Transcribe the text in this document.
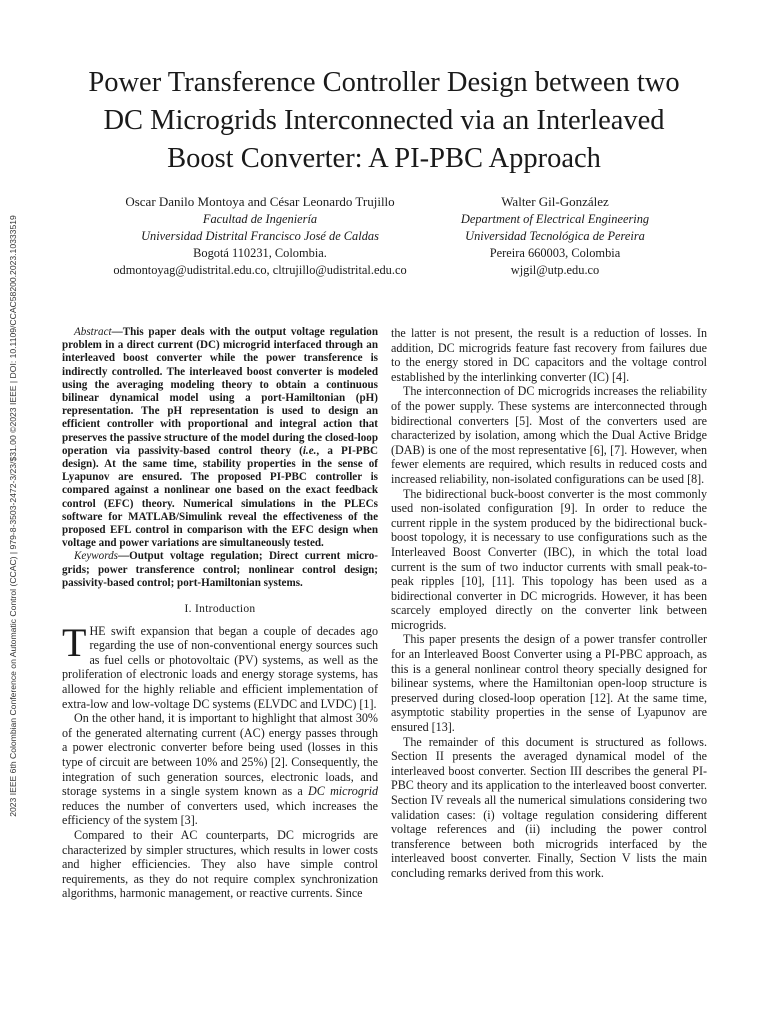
2023 IEEE 6th Colombian Conference on Automatic Control (CCAC) | 979-8-3503-2472-3/23/$31.00 ©2023 IEEE | DOI: 10.1109/CCAC58200.2023.10333519
Power Transference Controller Design between two
DC Microgrids Interconnected via an Interleaved
Boost Converter: A PI-PBC Approach
Oscar Danilo Montoya and César Leonardo Trujillo
Facultad de Ingeniería
Universidad Distrital Francisco José de Caldas
Bogotá 110231, Colombia.
odmontoyag@udistrital.edu.co, cltrujillo@udistrital.edu.co
Walter Gil-González
Department of Electrical Engineering
Universidad Tecnológica de Pereira
Pereira 660003, Colombia
wjgil@utp.edu.co

Abstract—This paper deals with the output voltage regulation problem in a direct current (DC) microgrid interfaced through an interleaved boost converter while the power transference is indirectly controlled. The interleaved boost converter is modeled using the averaging modeling theory to obtain a continuous bilinear dynamical model using a port-Hamiltonian (pH) representation. The pH representation is used to design an efficient controller with proportional and integral action that preserves the passive structure of the model during the closed-loop operation via passivity-based control theory (i.e., a PI-PBC design). At the same time, stability properties in the sense of Lyapunov are ensured. The proposed PI-PBC controller is compared against a nonlinear one based on the exact feedback control (EFC) theory. Numerical simulations in the PLECs software for MATLAB/Simulink reveal the effectiveness of the proposed EFL control in comparison with the EFC design when voltage and power variations are simultaneously tested.

Keywords—Output voltage regulation; Direct current micro-grids; power transference control; nonlinear control design; passivity-based control; port-Hamiltonian systems.

I. Introduction

THE swift expansion that began a couple of decades ago regarding the use of non-conventional energy sources such as fuel cells or photovoltaic (PV) systems, as well as the proliferation of electronic loads and energy storage systems, has allowed for the highly reliable and efficient implementation of extra-low and low-voltage DC systems (ELVDC and LVDC) [1].

On the other hand, it is important to highlight that almost 30% of the generated alternating current (AC) energy passes through a power electronic converter before being used (losses in this type of circuit are between 10% and 25%) [2]. Consequently, the integration of such generation sources, electronic loads, and storage systems in a single system known as a DC microgrid reduces the number of converters used, which increases the efficiency of the system [3].

Compared to their AC counterparts, DC microgrids are characterized by simpler structures, which results in lower costs and higher efficiencies. They also have simple control requirements, as they do not require complex synchronization algorithms, harmonic management, or reactive currents. Since

the latter is not present, the result is a reduction of losses. In addition, DC microgrids feature fast recovery from failures due to the energy stored in DC capacitors and the voltage control established by the interlinking converter (IC) [4].

The interconnection of DC microgrids increases the reliability of the power supply. These systems are interconnected through bidirectional converters [5]. Most of the converters used are characterized by isolation, among which the Dual Active Bridge (DAB) is one of the most representative [6], [7]. However, when fewer elements are required, which results in reduced costs and increased reliability, non-isolated configurations can be used [8].

The bidirectional buck-boost converter is the most commonly used non-isolated configuration [9]. In order to reduce the current ripple in the system produced by the bidirectional buck-boost topology, it is necessary to use configurations such as the Interleaved Boost Converter (IBC), in which the total load current is the sum of two inductor currents with small peak-to-peak ripples [10], [11]. This topology has been used as a bidirectional converter in DC microgrids. However, it has been scarcely employed directly on the converter link between microgrids.

This paper presents the design of a power transfer controller for an Interleaved Boost Converter using a PI-PBC approach, as this is a general nonlinear control theory specially designed for bilinear systems, where the Hamiltonian open-loop structure is preserved during closed-loop operation [12]. At the same time, asymptotic stability properties in the sense of Lyapunov are ensured [13].

The remainder of this document is structured as follows. Section II presents the averaged dynamical model of the interleaved boost converter. Section III describes the general PI-PBC theory and its application to the interleaved boost converter. Section IV reveals all the numerical simulations considering two validation cases: (i) voltage regulation considering different voltage references and (ii) including the power control transference between both microgrids interfaced by the interleaved boost converter. Finally, Section V lists the main concluding remarks derived from this work.
